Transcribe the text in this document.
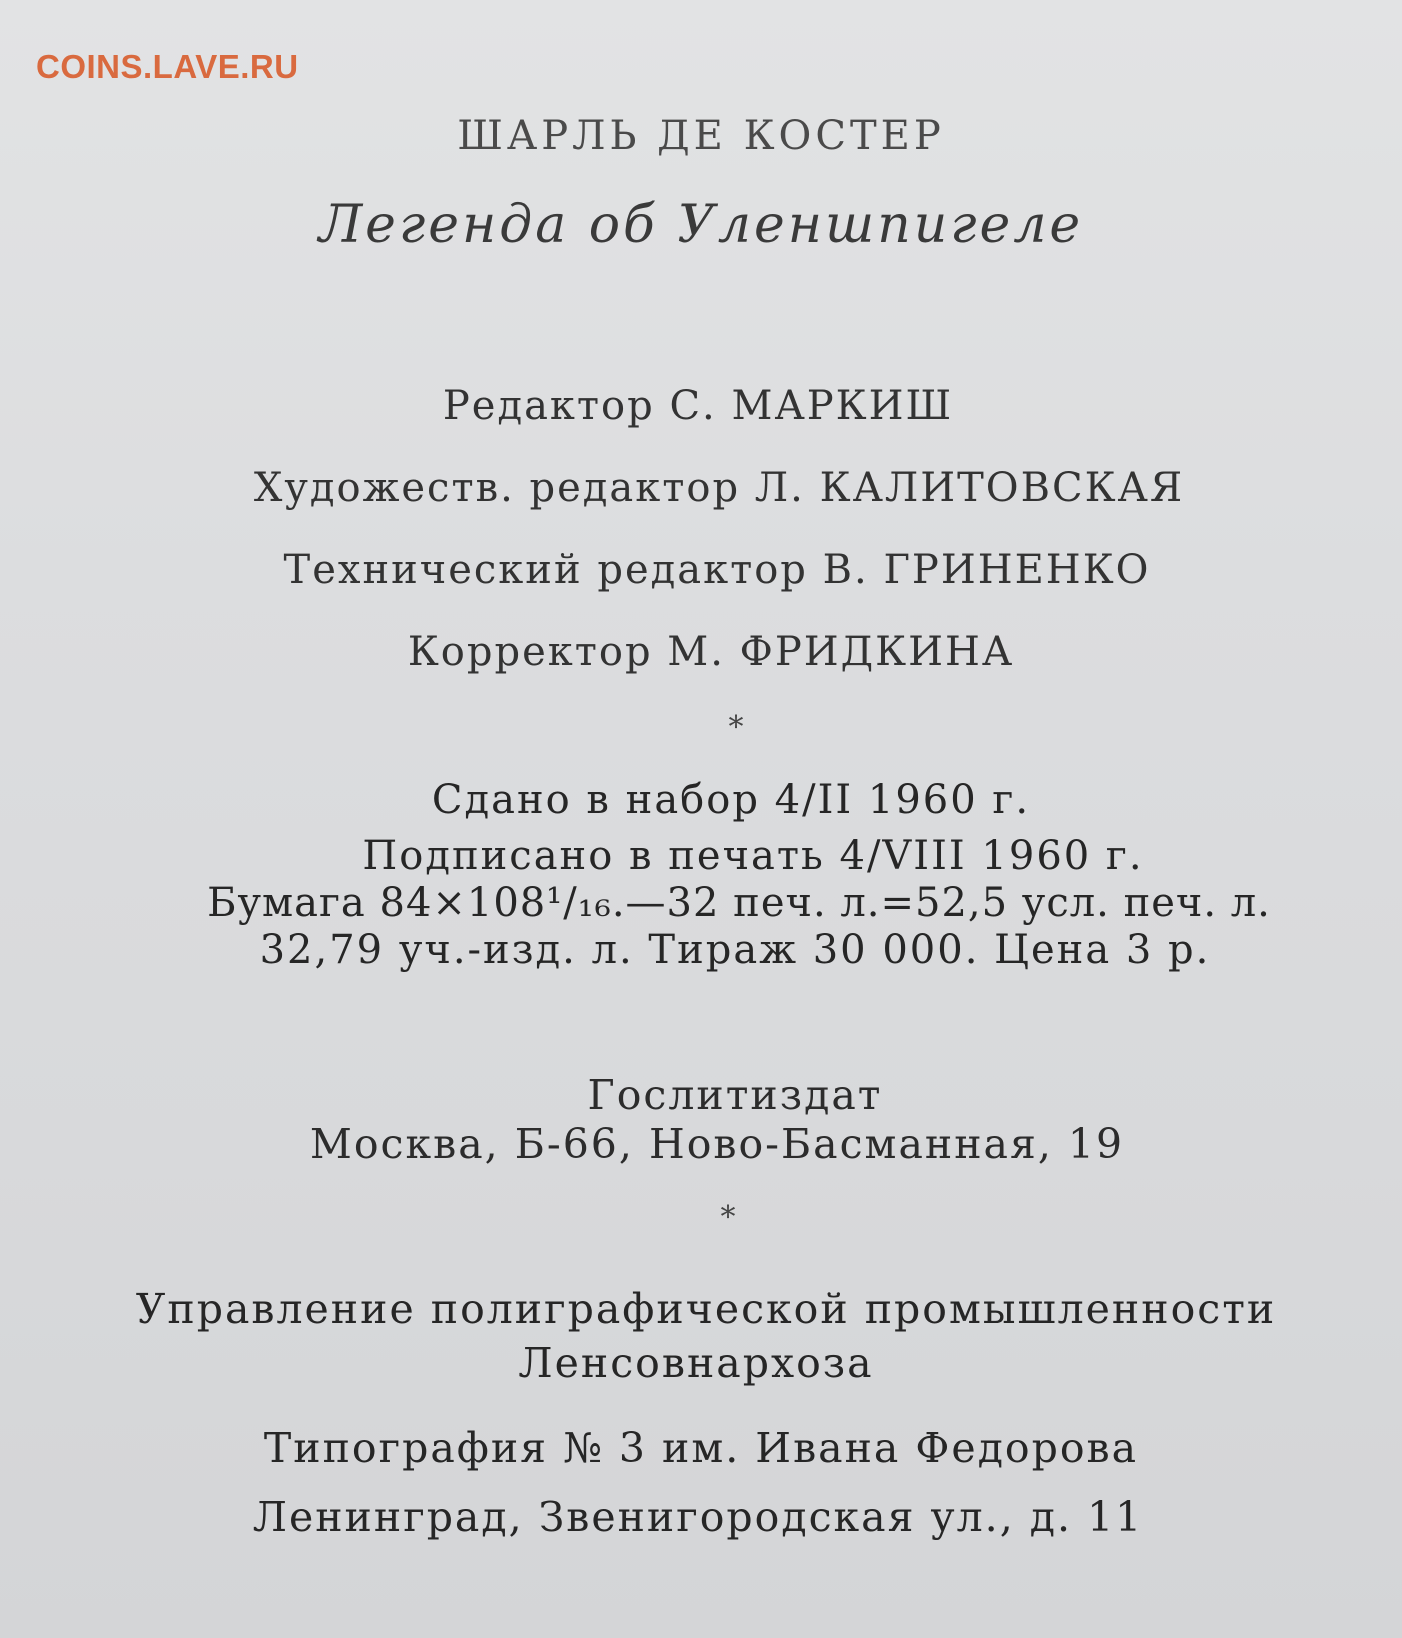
COINS.LAVE.RU
ШАРЛЬ ДЕ КОСТЕР
Легенда об Уленшпигеле
Редактор С. МАРКИШ
Художеств. редактор Л. КАЛИТОВСКАЯ
Технический редактор В. ГРИНЕНКО
Корректор М. ФРИДКИНА
*
Сдано в набор 4/II 1960 г.
Подписано в печать 4/VIII 1960 г.
Бумага 84×108¹/₁₆.—32 печ. л.=52,5 усл. печ. л.
32,79 уч.-изд. л. Тираж 30 000. Цена 3 р.
Гослитиздат
Москва, Б-66, Ново-Басманная, 19
*
Управление полиграфической промышленности
Ленсовнархоза
Типография № 3 им. Ивана Федорова
Ленинград, Звенигородская ул., д. 11
